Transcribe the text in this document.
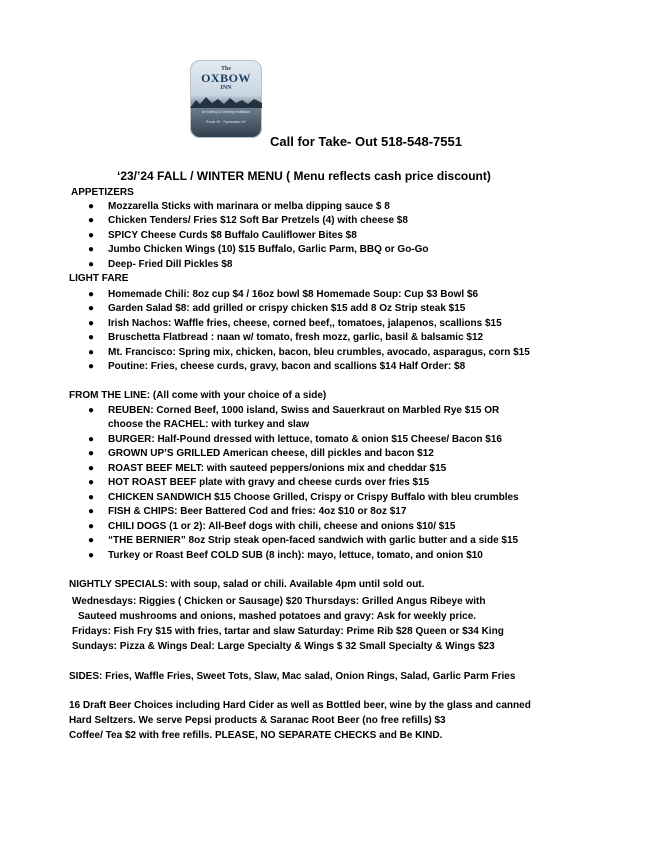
The
OXBOW
INN
An Eating & Drinking Institution
Route 30 · Speculator NY
Call for Take- Out 518-548-7551
‘23/’24 FALL / WINTER MENU ( Menu reflects cash price discount)
APPETIZERS
● Mozzarella Sticks with marinara or melba dipping sauce $ 8
● Chicken Tenders/ Fries $12 Soft Bar Pretzels (4) with cheese $8
● SPICY Cheese Curds $8 Buffalo Cauliflower Bites $8
● Jumbo Chicken Wings (10) $15 Buffalo, Garlic Parm, BBQ or Go-Go
● Deep- Fried Dill Pickles $8
LIGHT FARE
● Homemade Chili: 8oz cup $4 / 16oz bowl $8 Homemade Soup: Cup $3 Bowl $6
● Garden Salad $8: add grilled or crispy chicken $15 add 8 Oz Strip steak $15
● Irish Nachos: Waffle fries, cheese, corned beef,, tomatoes, jalapenos, scallions $15
● Bruschetta Flatbread : naan w/ tomato, fresh mozz, garlic, basil & balsamic $12
● Mt. Francisco: Spring mix, chicken, bacon, bleu crumbles, avocado, asparagus, corn $15
● Poutine: Fries, cheese curds, gravy, bacon and scallions $14 Half Order: $8
FROM THE LINE: (All come with your choice of a side)
● REUBEN: Corned Beef, 1000 island, Swiss and Sauerkraut on Marbled Rye $15 OR
choose the RACHEL: with turkey and slaw
● BURGER: Half-Pound dressed with lettuce, tomato & onion $15 Cheese/ Bacon $16
● GROWN UP’S GRILLED American cheese, dill pickles and bacon $12
● ROAST BEEF MELT: with sauteed peppers/onions mix and cheddar $15
● HOT ROAST BEEF plate with gravy and cheese curds over fries $15
● CHICKEN SANDWICH $15 Choose Grilled, Crispy or Crispy Buffalo with bleu crumbles
● FISH & CHIPS: Beer Battered Cod and fries: 4oz $10 or 8oz $17
● CHILI DOGS (1 or 2): All-Beef dogs with chili, cheese and onions $10/ $15
● “THE BERNIER” 8oz Strip steak open-faced sandwich with garlic butter and a side $15
● Turkey or Roast Beef COLD SUB (8 inch): mayo, lettuce, tomato, and onion $10
NIGHTLY SPECIALS: with soup, salad or chili. Available 4pm until sold out.
Wednesdays: Riggies ( Chicken or Sausage) $20 Thursdays: Grilled Angus Ribeye with
Sauteed mushrooms and onions, mashed potatoes and gravy: Ask for weekly price.
Fridays: Fish Fry $15 with fries, tartar and slaw Saturday: Prime Rib $28 Queen or $34 King
Sundays: Pizza & Wings Deal: Large Specialty & Wings $ 32 Small Specialty & Wings $23
SIDES: Fries, Waffle Fries, Sweet Tots, Slaw, Mac salad, Onion Rings, Salad, Garlic Parm Fries
16 Draft Beer Choices including Hard Cider as well as Bottled beer, wine by the glass and canned
Hard Seltzers. We serve Pepsi products & Saranac Root Beer (no free refills) $3
Coffee/ Tea $2 with free refills. PLEASE, NO SEPARATE CHECKS and Be KIND.
